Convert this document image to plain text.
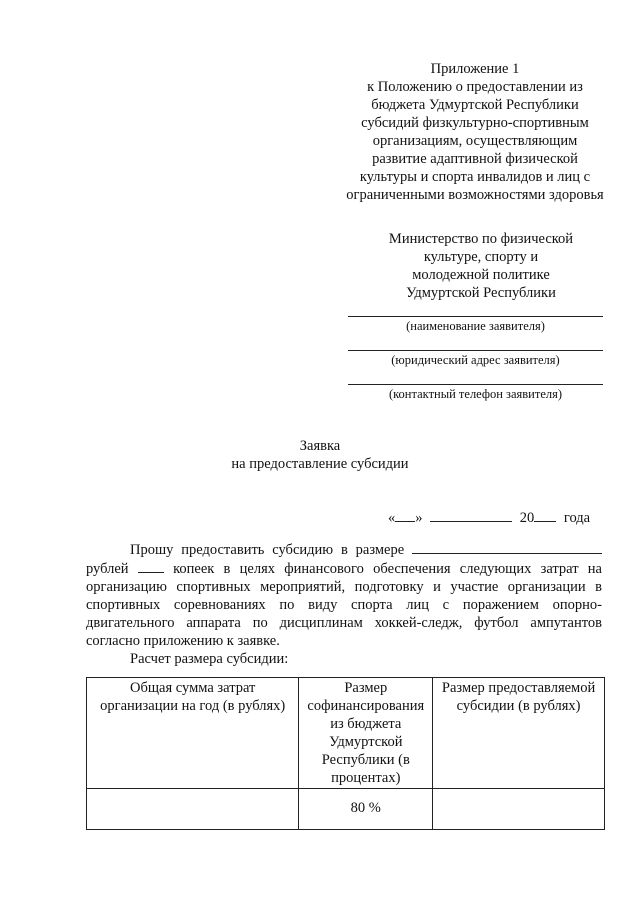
Приложение 1
к Положению о предоставлении из
бюджета Удмуртской Республики
субсидий физкультурно-спортивным
организациям, осуществляющим
развитие адаптивной физической
культуры и спорта инвалидов и лиц с
ограниченными возможностями здоровья
Министерство по физической
культуре, спорту и
молодежной политике
Удмуртской Республики
(наименование заявителя)
(юридический адрес заявителя)
(контактный телефон заявителя)
Заявка
на предоставление субсидии
« »	20 года

Прошу предоставить субсидию в размере  рублей	копеек в целях финансового обеспечения следующих затрат на организацию спортивных мероприятий, подготовку и участие организации в спортивных соревнованиях по виду спорта лиц с поражением опорно-двигательного аппарата по дисциплинам хоккей-следж, футбол ампутантов согласно приложению к заявке.

Расчет размера субсидии:

Общая сумма затрат организации на год (в рублях)	Размер софинансирования из бюджета Удмуртской Республики (в процентах)	Размер предоставляемой субсидии (в рублях)
	80 %	
